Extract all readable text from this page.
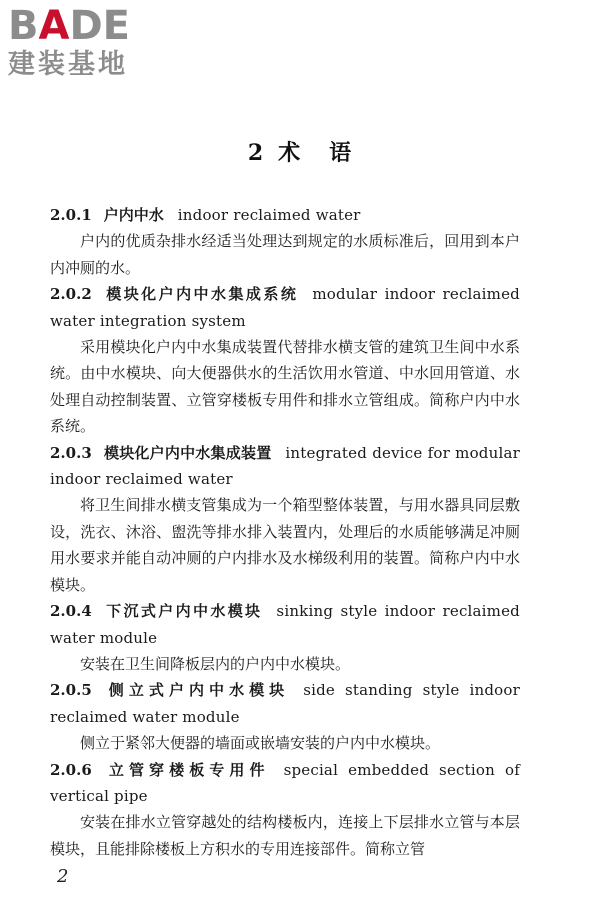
BADE
建装基地
2 术 语

2.0.1 户内中水 indoor reclaimed water

户内的优质杂排水经适当处理达到规定的水质标准后，回用到本户内冲厕的水。

2.0.2 模块化户内中水集成系统 modular indoor reclaimed water integration system

采用模块化户内中水集成装置代替排水横支管的建筑卫生间中水系统。由中水模块、向大便器供水的生活饮用水管道、中水回用管道、水处理自动控制装置、立管穿楼板专用件和排水立管组成。简称户内中水系统。

2.0.3 模块化户内中水集成装置 integrated device for modular indoor reclaimed water

将卫生间排水横支管集成为一个箱型整体装置，与用水器具同层敷设，洗衣、沐浴、盥洗等排水排入装置内，处理后的水质能够满足冲厕用水要求并能自动冲厕的户内排水及水梯级利用的装置。简称户内中水模块。

2.0.4 下沉式户内中水模块 sinking style indoor reclaimed water module

安装在卫生间降板层内的户内中水模块。

2.0.5 侧立式户内中水模块 side standing style indoor reclaimed water module

侧立于紧邻大便器的墙面或嵌墙安装的户内中水模块。

2.0.6 立管穿楼板专用件 special embedded section of vertical pipe

安装在排水立管穿越处的结构楼板内，连接上下层排水立管与本层模块，且能排除楼板上方积水的专用连接部件。简称立管

2
